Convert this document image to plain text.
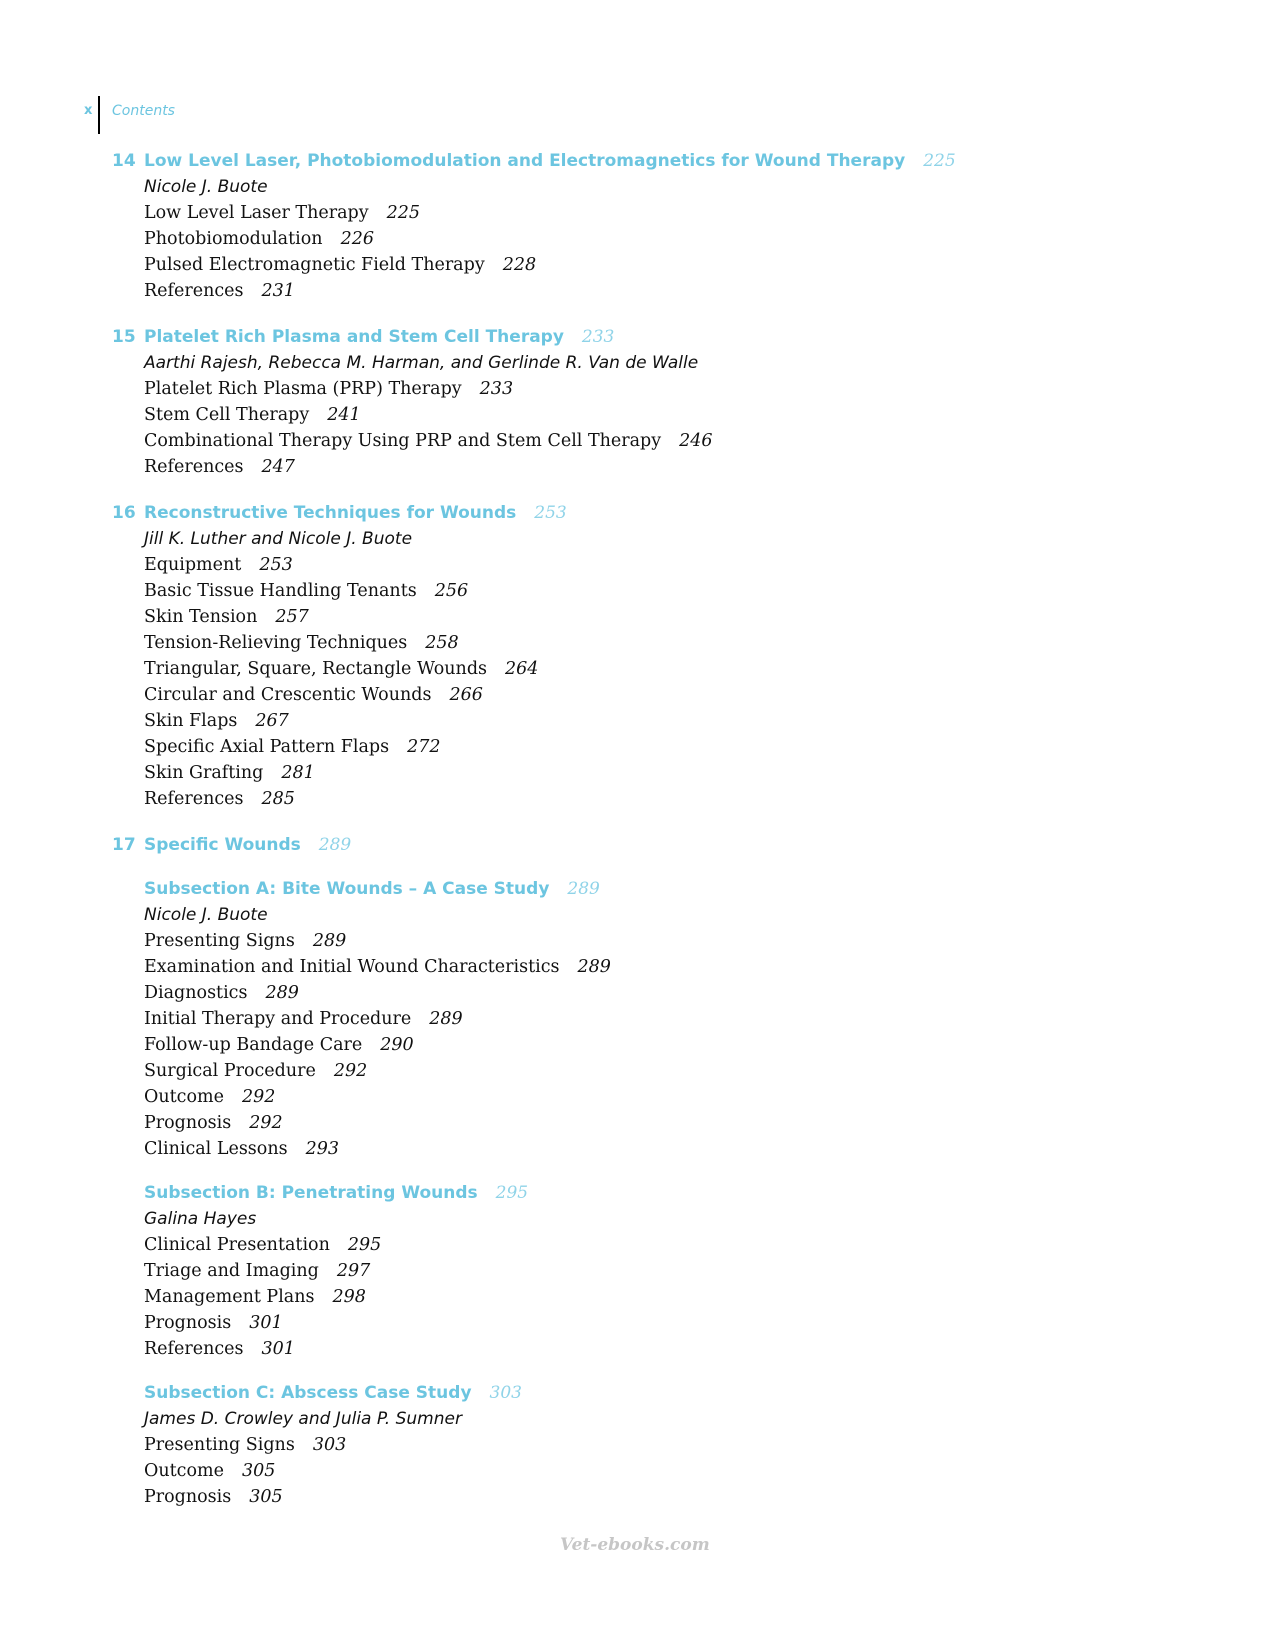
x Contents
14 Low Level Laser, Photobiomodulation and Electromagnetics for Wound Therapy 225
Nicole J. Buote
Low Level Laser Therapy 225
Photobiomodulation 226
Pulsed Electromagnetic Field Therapy 228
References 231
15 Platelet Rich Plasma and Stem Cell Therapy 233
Aarthi Rajesh, Rebecca M. Harman, and Gerlinde R. Van de Walle
Platelet Rich Plasma (PRP) Therapy 233
Stem Cell Therapy 241
Combinational Therapy Using PRP and Stem Cell Therapy 246
References 247
16 Reconstructive Techniques for Wounds 253
Jill K. Luther and Nicole J. Buote
Equipment 253
Basic Tissue Handling Tenants 256
Skin Tension 257
Tension-Relieving Techniques 258
Triangular, Square, Rectangle Wounds 264
Circular and Crescentic Wounds 266
Skin Flaps 267
Specific Axial Pattern Flaps 272
Skin Grafting 281
References 285
17 Specific Wounds 289
Subsection A: Bite Wounds – A Case Study 289
Nicole J. Buote
Presenting Signs 289
Examination and Initial Wound Characteristics 289
Diagnostics 289
Initial Therapy and Procedure 289
Follow-up Bandage Care 290
Surgical Procedure 292
Outcome 292
Prognosis 292
Clinical Lessons 293
Subsection B: Penetrating Wounds 295
Galina Hayes
Clinical Presentation 295
Triage and Imaging 297
Management Plans 298
Prognosis 301
References 301
Subsection C: Abscess Case Study 303
James D. Crowley and Julia P. Sumner
Presenting Signs 303
Outcome 305
Prognosis 305
Vet-ebooks.com
